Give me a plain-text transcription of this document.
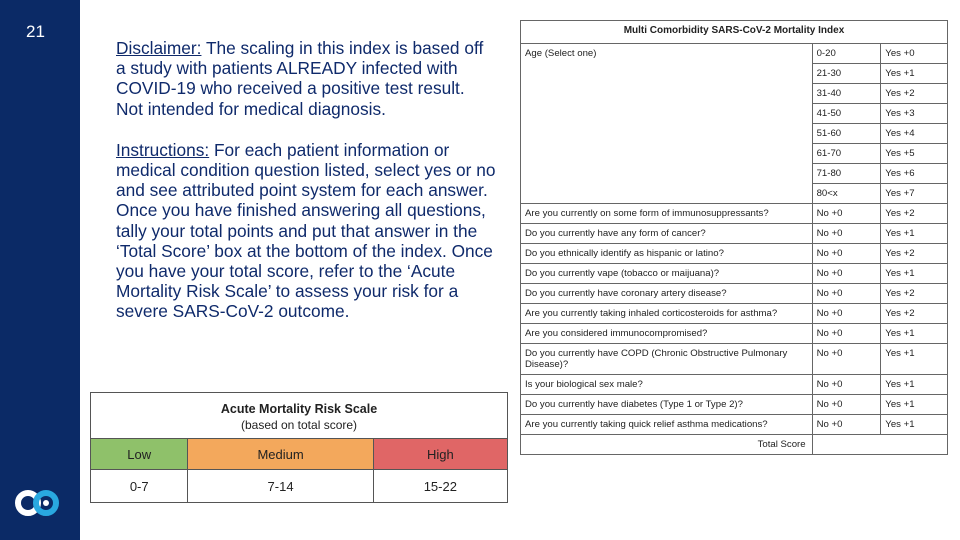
21

Disclaimer: The scaling in this index is based off a study with patients ALREADY infected with COVID-19 who received a positive test result. Not intended for medical diagnosis.

Instructions: For each patient information or medical condition question listed, select yes or no and see attributed point system for each answer. Once you have finished answering all questions, tally your total points and put that answer in the ‘Total Score’ box at the bottom of the index. Once you have your total score, refer to the ‘Acute Mortality Risk Scale’ to assess your risk for a severe SARS-CoV-2 outcome.

Acute Mortality Risk Scale
(based on total score)		

Low	Medium	High
0-7	7-14	15-22
Multi Comorbidity SARS-CoV-2 Mortality Index		
Age (Select one)	0-20	Yes +0
	21-30	Yes +1
	31-40	Yes +2
	41-50	Yes +3
	51-60	Yes +4
	61-70	Yes +5
	71-80	Yes +6
	80<x	Yes +7
Are you currently on some form of immunosuppressants?	No +0	Yes +2
Do you currently have any form of cancer?	No +0	Yes +1
Do you ethnically identify as hispanic or latino?	No +0	Yes +2
Do you currently vape (tobacco or maijuana)?	No +0	Yes +1
Do you currently have coronary artery disease?	No +0	Yes +2
Are you currently taking inhaled corticosteroids for asthma?	No +0	Yes +2
Are you considered immunocompromised?	No +0	Yes +1
Do you currently have COPD (Chronic Obstructive Pulmonary Disease)?	No +0	Yes +1
Is your biological sex male?	No +0	Yes +1
Do you currently have diabetes (Type 1 or Type 2)?	No +0	Yes +1
Are you currently taking quick relief asthma medications?	No +0	Yes +1
Total Score		
